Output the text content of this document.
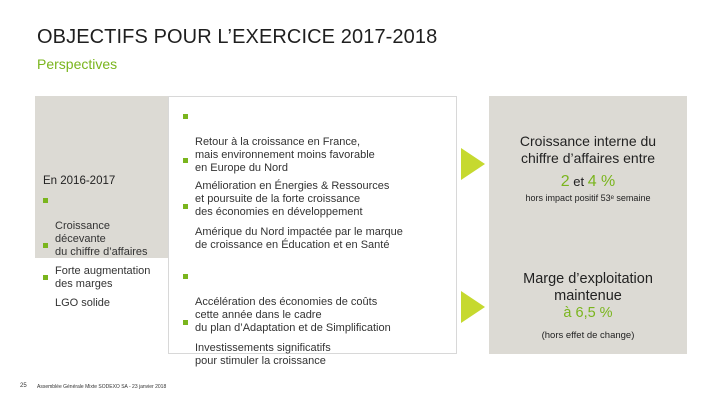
OBJECTIFS POUR L’EXERCICE 2017-2018
Perspectives
En 2016-2017

Croissance
décevante
du chiffre d’affaires

Forte augmentation
des marges

LGO solide

Retour à la croissance en France,
mais environnement moins favorable
en Europe du Nord

Amélioration en Énergies & Ressources
et poursuite de la forte croissance
des économies en développement

Amérique du Nord impactée par le marque
de croissance en Éducation et en Santé

Accélération des économies de coûts
cette année dans le cadre
du plan d’Adaptation et de Simplification

Investissements significatifs
pour stimuler la croissance

Croissance interne du
chiffre d’affaires entre
2 et 4 %
hors impact positif 53ᵉ semaine
Marge d’exploitation
maintenue
à 6,5 %
(hors effet de change)
25 Assemblée Générale Mixte SODEXO SA - 23 janvier 2018
